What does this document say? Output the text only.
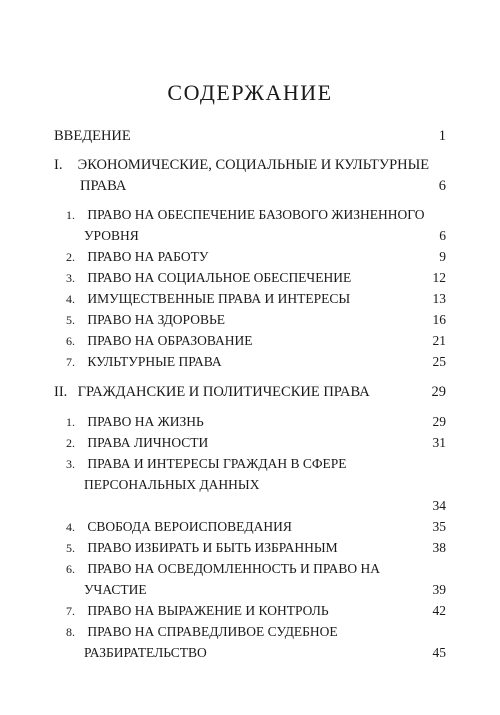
СОДЕРЖАНИЕ
ВВЕДЕНИЕ	1
I. ЭКОНОМИЧЕСКИЕ, СОЦИАЛЬНЫЕ И КУЛЬТУРНЫЕ
ПРАВА	6
1. ПРАВО НА ОБЕСПЕЧЕНИЕ БАЗОВОГО ЖИЗНЕННОГО
УРОВНЯ	6
2. ПРАВО НА РАБОТУ	9
3. ПРАВО НА СОЦИАЛЬНОЕ ОБЕСПЕЧЕНИЕ	12
4. ИМУЩЕСТВЕННЫЕ ПРАВА И ИНТЕРЕСЫ	13
5. ПРАВО НА ЗДОРОВЬЕ	16
6. ПРАВО НА ОБРАЗОВАНИЕ	21
7. КУЛЬТУРНЫЕ ПРАВА	25
II. ГРАЖДАНСКИЕ И ПОЛИТИЧЕСКИЕ ПРАВА	29
1. ПРАВО НА ЖИЗНЬ	29
2. ПРАВА ЛИЧНОСТИ	31
3. ПРАВА И ИНТЕРЕСЫ ГРАЖДАН В СФЕРЕ
ПЕРСОНАЛЬНЫХ ДАННЫХ
34
4. СВОБОДА ВЕРОИСПОВЕДАНИЯ	35
5. ПРАВО ИЗБИРАТЬ И БЫТЬ ИЗБРАННЫМ	38
6. ПРАВО НА ОСВЕДОМЛЕННОСТЬ И ПРАВО НА
УЧАСТИЕ	39
7. ПРАВО НА ВЫРАЖЕНИЕ И КОНТРОЛЬ	42
8. ПРАВО НА СПРАВЕДЛИВОЕ СУДЕБНОЕ
РАЗБИРАТЕЛЬСТВО	45
